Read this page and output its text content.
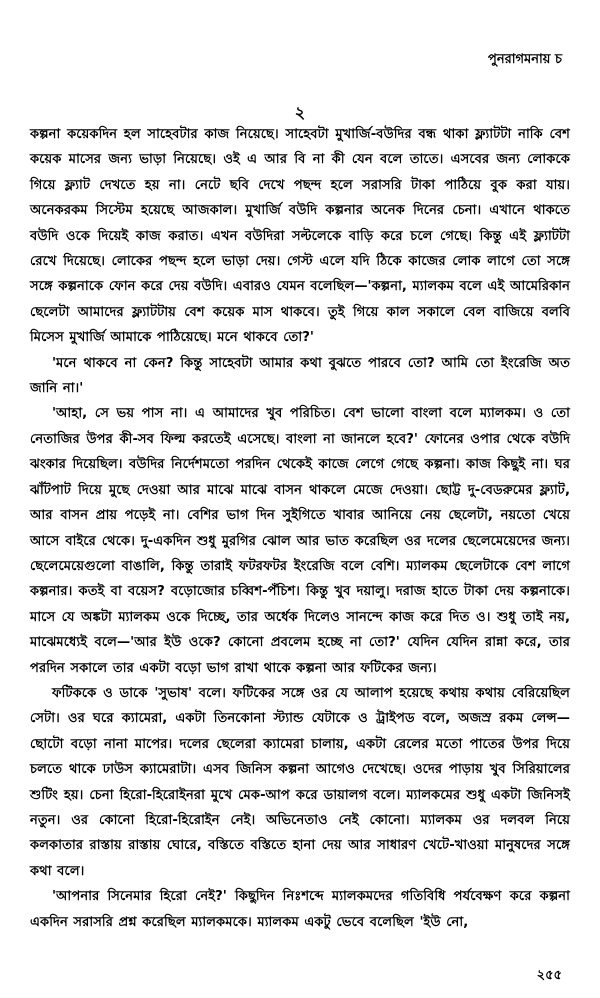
পুনরাগমনায় চ
২

কল্পনা কয়েকদিন হল সাহেবটার কাজ নিয়েছে। সাহেবটা মুখার্জি-বউদির বন্ধ থাকা ফ্ল্যাটটা নাকি বেশ কয়েক মাসের জন্য ভাড়া নিয়েছে। ওই এ আর বি না কী যেন বলে তাতে। এসবের জন্য লোককে গিয়ে ফ্ল্যাট দেখতে হয় না। নেটে ছবি দেখে পছন্দ হলে সরাসরি টাকা পাঠিয়ে বুক করা যায়। অনেকরকম সিস্টেম হয়েছে আজকাল। মুখার্জি বউদি কল্পনার অনেক দিনের চেনা। এখানে থাকতে বউদি ওকে দিয়েই কাজ করাত। এখন বউদিরা সল্টলেকে বাড়ি করে চলে গেছে। কিন্তু এই ফ্ল্যাটটা রেখে দিয়েছে। লোকের পছন্দ হলে ভাড়া দেয়। গেস্ট এলে যদি ঠিকে কাজের লোক লাগে তো সঙ্গে সঙ্গে কল্পনাকে ফোন করে দেয় বউদি। এবারও যেমন বলেছিল—'কল্পনা, ম্যালকম বলে এই আমেরিকান ছেলেটা আমাদের ফ্ল্যাটটায় বেশ কয়েক মাস থাকবে। তুই গিয়ে কাল সকালে বেল বাজিয়ে বলবি মিসেস মুখার্জি আমাকে পাঠিয়েছে। মনে থাকবে তো?'

'মনে থাকবে না কেন? কিন্তু সাহেবটা আমার কথা বুঝতে পারবে তো? আমি তো ইংরেজি অত জানি না।'

'আহা, সে ভয় পাস না। এ আমাদের খুব পরিচিত। বেশ ভালো বাংলা বলে ম্যালকম। ও তো নেতাজির উপর কী-সব ফিল্ম করতেই এসেছে। বাংলা না জানলে হবে?' ফোনের ওপার থেকে বউদি ঝংকার দিয়েছিল। বউদির নির্দেশমতো পরদিন থেকেই কাজে লেগে গেছে কল্পনা। কাজ কিছুই না। ঘর ঝাঁটপাট দিয়ে মুছে দেওয়া আর মাঝে মাঝে বাসন থাকলে মেজে দেওয়া। ছোট্ট দু-বেডরুমের ফ্ল্যাট, আর বাসন প্রায় পড়েই না। বেশির ভাগ দিন সুইগিতে খাবার আনিয়ে নেয় ছেলেটা, নয়তো খেয়ে আসে বাইরে থেকে। দু-একদিন শুধু মুরগির ঝোল আর ভাত করেছিল ওর দলের ছেলেমেয়েদের জন্য। ছেলেমেয়েগুলো বাঙালি, কিন্তু তারাই ফটরফটর ইংরেজি বলে বেশি। ম্যালকম ছেলেটাকে বেশ লাগে কল্পনার। কতই বা বয়েস? বড়োজোর চব্বিশ-পঁচিশ। কিন্তু খুব দয়ালু। দরাজ হাতে টাকা দেয় কল্পনাকে। মাসে যে অঙ্কটা ম্যালকম ওকে দিচ্ছে, তার অর্ধেক দিলেও সানন্দে কাজ করে দিত ও। শুধু তাই নয়, মাঝেমধ্যেই বলে—'আর ইউ ওকে? কোনো প্রবলেম হচ্ছে না তো?' যেদিন যেদিন রান্না করে, তার পরদিন সকালে তার একটা বড়ো ভাগ রাখা থাকে কল্পনা আর ফটিকের জন্য।

ফটিককে ও ডাকে 'সুভাষ' বলে। ফটিকের সঙ্গে ওর যে আলাপ হয়েছে কথায় কথায় বেরিয়েছিল সেটা। ওর ঘরে ক্যামেরা, একটা তিনকোনা স্ট্যান্ড যেটাকে ও ট্রাইপড বলে, অজস্র রকম লেন্স—ছোটো বড়ো নানা মাপের। দলের ছেলেরা ক্যামেরা চালায়, একটা রেলের মতো পাতের উপর দিয়ে চলতে থাকে ঢাউস ক্যামেরাটা। এসব জিনিস কল্পনা আগেও দেখেছে। ওদের পাড়ায় খুব সিরিয়ালের শুটিং হয়। চেনা হিরো-হিরোইনরা মুখে মেক-আপ করে ডায়ালগ বলে। ম্যালকমের শুধু একটা জিনিসই নতুন। ওর কোনো হিরো-হিরোইন নেই। অভিনেতাও নেই কোনো। ম্যালকম ওর দলবল নিয়ে কলকাতার রাস্তায় রাস্তায় ঘোরে, বস্তিতে বস্তিতে হানা দেয় আর সাধারণ খেটে-খাওয়া মানুষদের সঙ্গে কথা বলে।

'আপনার সিনেমার হিরো নেই?' কিছুদিন নিঃশব্দে ম্যালকমদের গতিবিধি পর্যবেক্ষণ করে কল্পনা একদিন সরাসরি প্রশ্ন করেছিল ম্যালকমকে। ম্যালকম একটু ভেবে বলেছিল 'ইউ নো,

২৫৫
